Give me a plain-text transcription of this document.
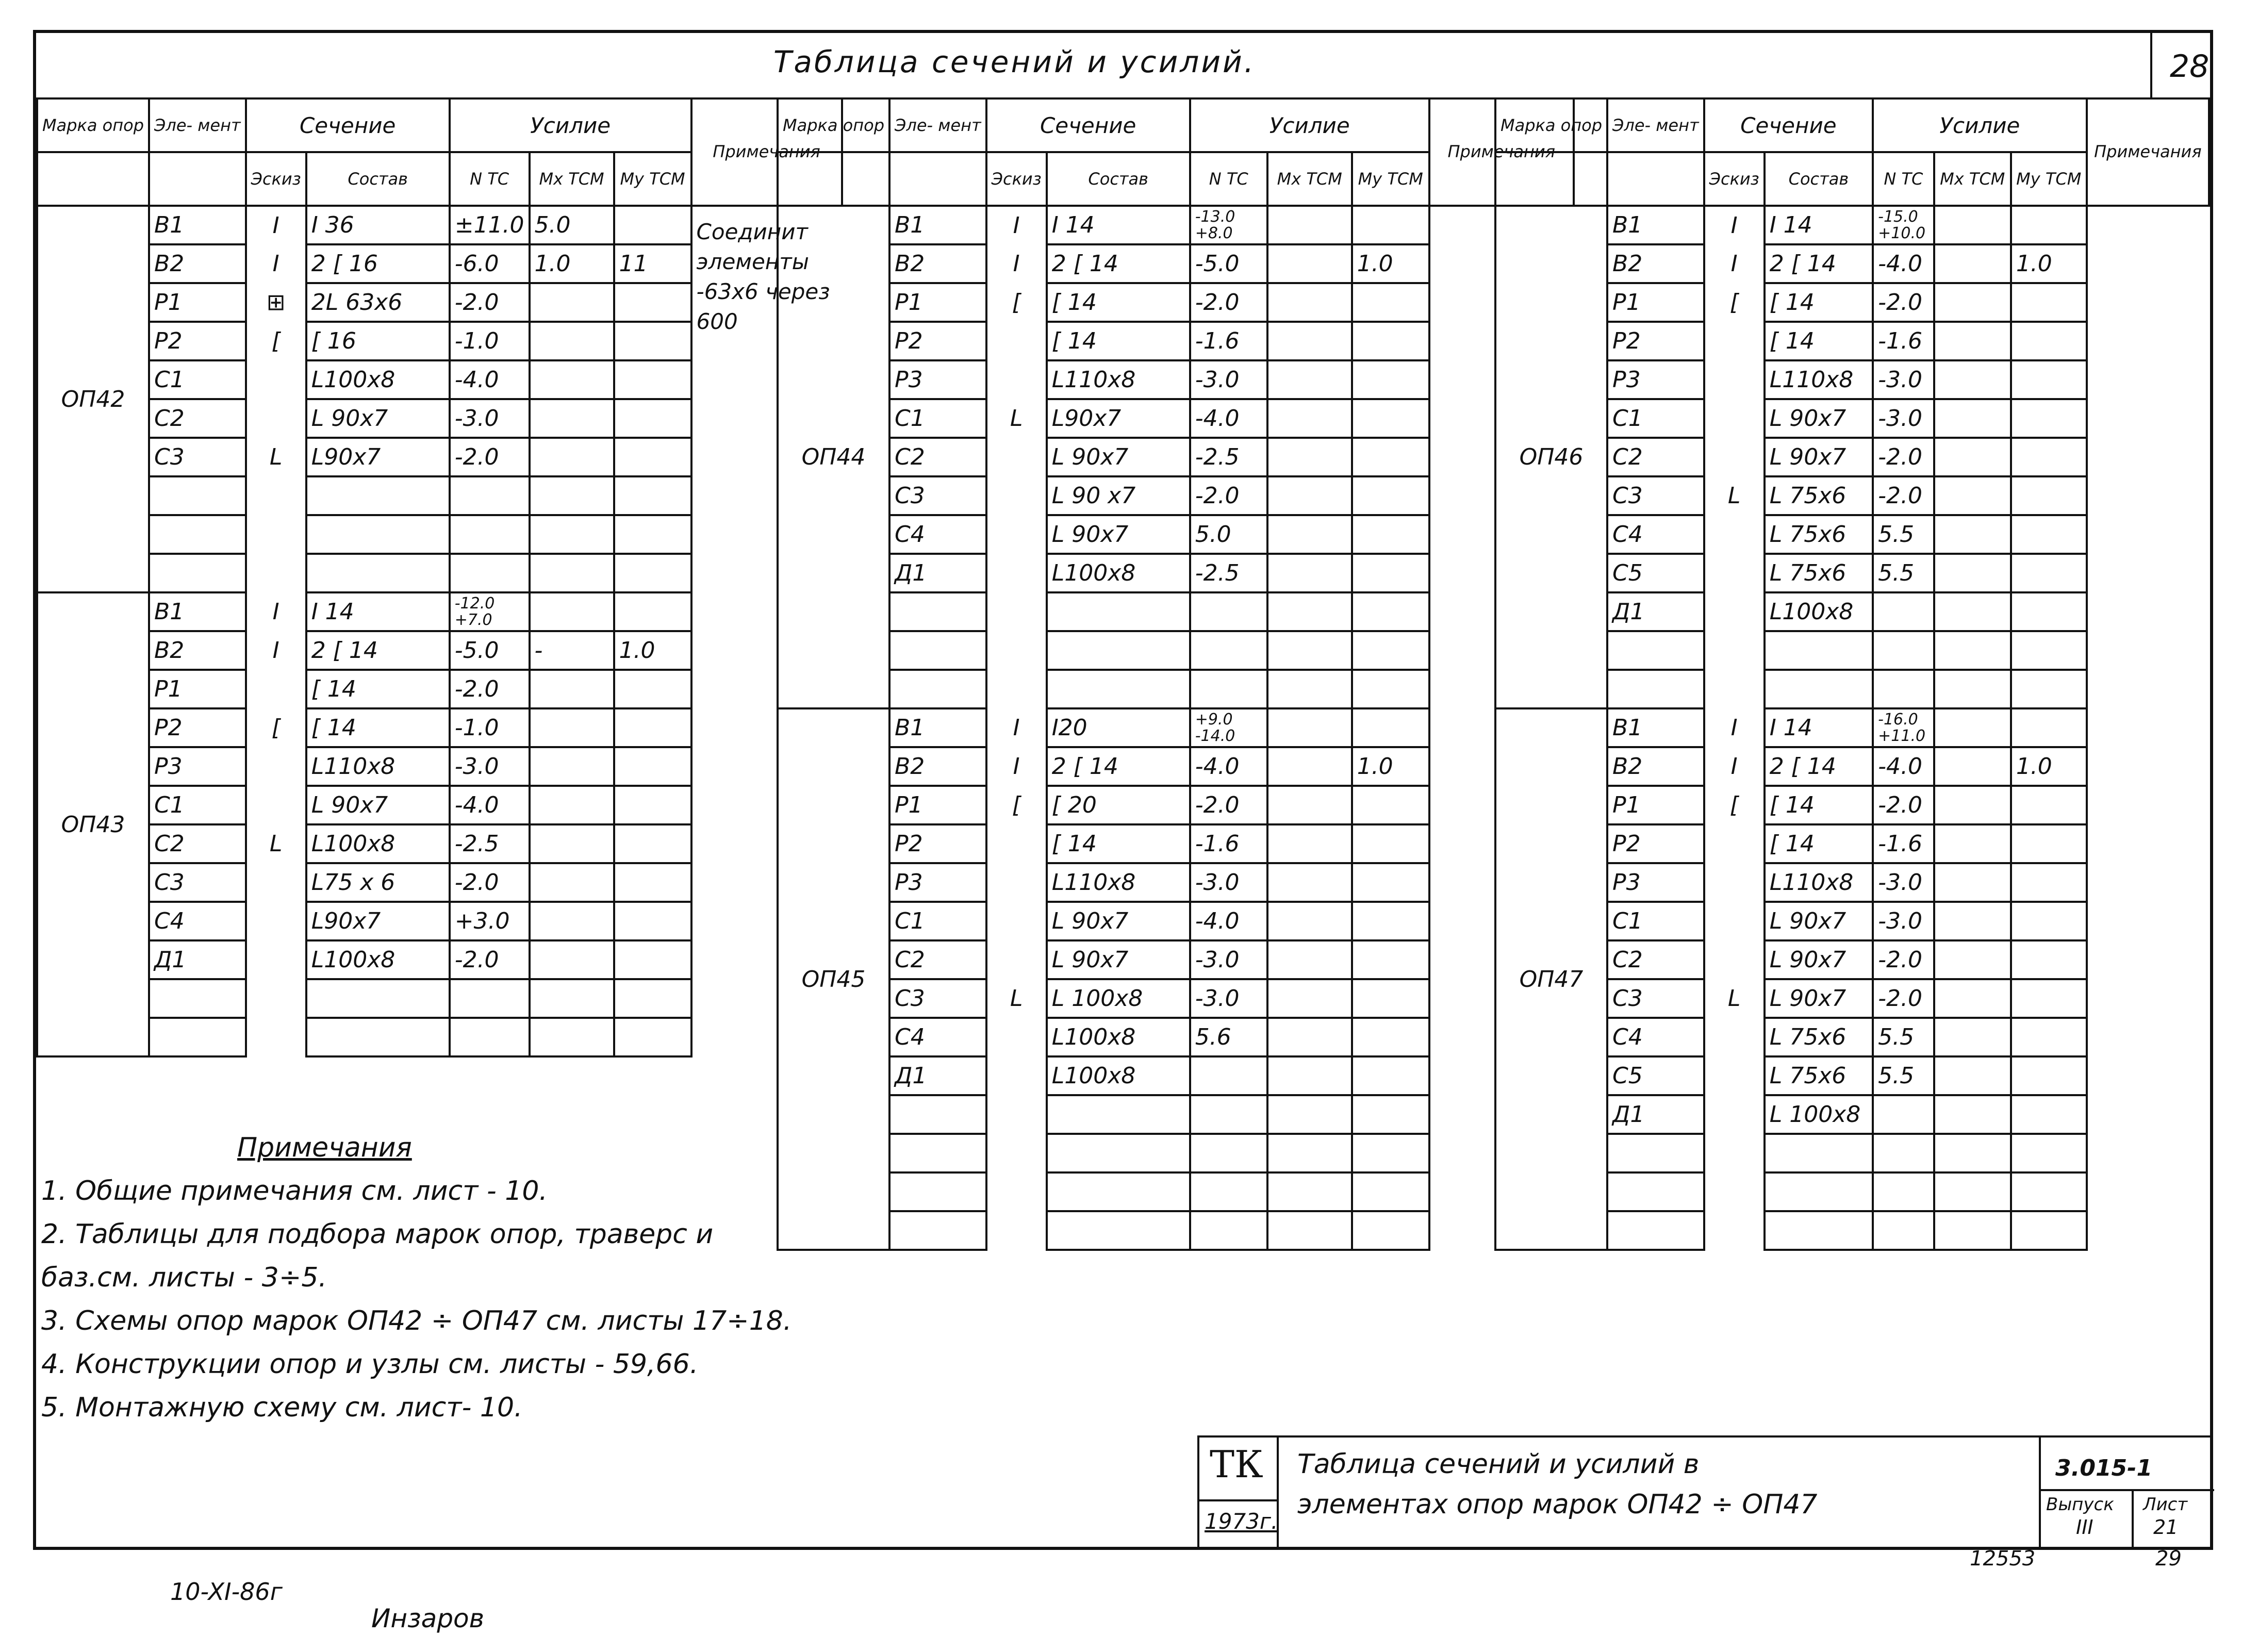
Таблица сечений и усилий.	28
Марка опор	Эле- мент	Сечение		Усилие			Примечания
		Эскиз	Состав	N ТС	Mx ТСМ	My ТСМ	
ОП42	В1	I	I 36	±11.0	5.0		Соединит элементы -63х6 через 600
	В2	I	2 [ 16	-6.0	1.0	11	
	Р1	⊞	2L 63х6	-2.0			
	Р2	[	[ 16	-1.0			
	С1		L100х8	-4.0			
	С2		L 90х7	-3.0			
	С3	L	L90х7	-2.0			

ОП43	В1	I	I 14	-12.0 +7.0			
	В2	I	2 [ 14	-5.0	-	1.0	
	Р1		[ 14	-2.0			
	Р2	[	[ 14	-1.0			
	Р3		L110х8	-3.0			
	С1		L 90х7	-4.0			
	С2	L	L100х8	-2.5			
	С3		L75 х 6	-2.0			
	С4		L90х7	+3.0			
	Д1		L100х8	-2.0			

Марка опор	Эле- мент	Сечение		Усилие			Примечания
		Эскиз	Состав	N ТС	Mx ТСМ	My ТСМ	
ОП44	В1	I	I 14	-13.0 +8.0			
	В2	I	2 [ 14	-5.0		1.0	
	Р1	[	[ 14	-2.0			
	Р2		[ 14	-1.6			
	Р3		L110х8	-3.0			
	С1	L	L90х7	-4.0			
	С2		L 90х7	-2.5			
	С3		L 90 х7	-2.0			
	С4		L 90х7	5.0			
	Д1		L100х8	-2.5			

ОП45	В1	I	I20	+9.0 -14.0			
	В2	I	2 [ 14	-4.0		1.0	
	Р1	[	[ 20	-2.0			
	Р2		[ 14	-1.6			
	Р3		L110х8	-3.0			
	С1		L 90х7	-4.0			
	С2		L 90х7	-3.0			
	С3	L	L 100х8	-3.0			
	С4		L100х8	5.6			
	Д1		L100х8				

Марка опор	Эле- мент	Сечение		Усилие			Примечания
		Эскиз	Состав	N ТС	Mx ТСМ	My ТСМ	
ОП46	В1	I	I 14	-15.0 +10.0			
	В2	I	2 [ 14	-4.0		1.0	
	Р1	[	[ 14	-2.0			
	Р2		[ 14	-1.6			
	Р3		L110х8	-3.0			
	С1		L 90х7	-3.0			
	С2		L 90х7	-2.0			
	С3	L	L 75х6	-2.0			
	С4		L 75х6	5.5			
	С5		L 75х6	5.5			
	Д1		L100х8				

ОП47	В1	I	I 14	-16.0 +11.0			
	В2	I	2 [ 14	-4.0		1.0	
	Р1	[	[ 14	-2.0			
	Р2		[ 14	-1.6			
	Р3		L110х8	-3.0			
	С1		L 90х7	-3.0			
	С2		L 90х7	-2.0			
	С3	L	L 90х7	-2.0			
	С4		L 75х6	5.5			
	С5		L 75х6	5.5			
	Д1		L 100х8				

Примечания
1. Общие примечания см. лист - 10.
2. Таблицы для подбора марок опор, траверс и баз.см. листы - 3÷5.
3. Схемы опор марок ОП42 ÷ ОП47 см. листы 17÷18.
4. Конструкции опор и узлы см. листы - 59,66.
5. Монтажную схему см. лист- 10.
ТК
1973г.
Таблица сечений и усилий в
элементах опор марок ОП42 ÷ ОП47
3.015-1
Выпуск
III
Лист
21
12553	29
10-XI-86г
Инзаров
